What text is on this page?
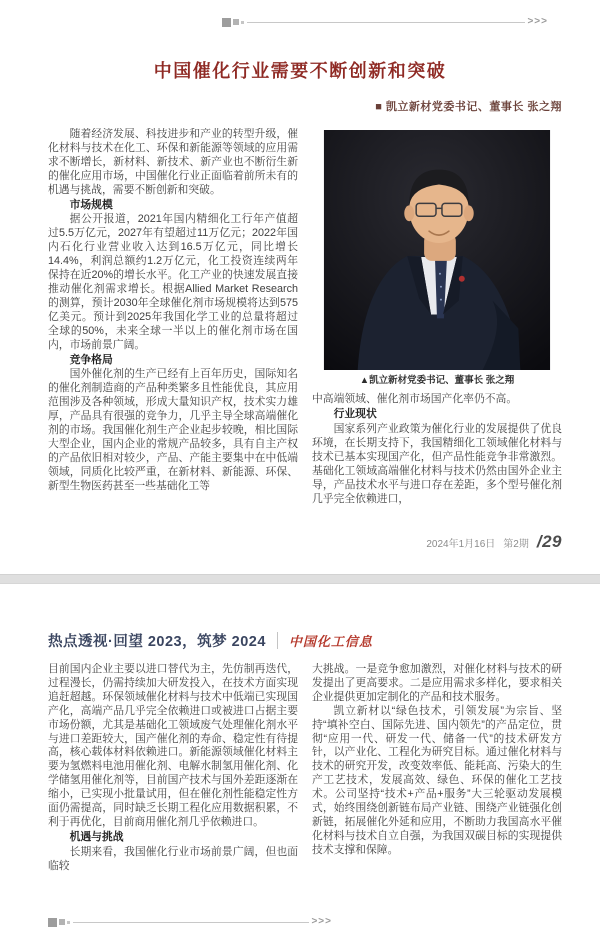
>>>
中国催化行业需要不断创新和突破
■ 凯立新材党委书记、董事长 张之翔

随着经济发展、科技进步和产业的转型升级，催化材料与技术在化工、环保和新能源等领域的应用需求不断增长，新材料、新技术、新产业也不断衍生新的催化应用市场，中国催化行业正面临着前所未有的机遇与挑战，需要不断创新和突破。

市场规模

据公开报道，2021年国内精细化工行年产值超过5.5万亿元，2027年有望超过11万亿元；2022年国内石化行业营业收入达到16.5万亿元，同比增长14.4%，利润总额约1.2万亿元，化工投资连续两年保持在近20%的增长水平。化工产业的快速发展直接推动催化剂需求增长。根据Allied Market Research的测算，预计2030年全球催化剂市场规模将达到575亿美元。预计到2025年我国化学工业的总量将超过全球的50%，未来全球一半以上的催化剂市场在国内，市场前景广阔。

竞争格局

国外催化剂的生产已经有上百年历史，国际知名的催化剂制造商的产品种类繁多且性能优良，其应用范围涉及各种领域，形成大量知识产权，技术实力雄厚，产品具有很强的竞争力，几乎主导全球高端催化剂的市场。我国催化剂生产企业起步较晚，相比国际大型企业，国内企业的常规产品较多，具有自主产权的产品依旧相对较少，产品、产能主要集中在中低端领域，同质化比较严重，在新材料、新能源、环保、新型生物医药甚至一些基础化工等

▲凯立新材党委书记、董事长 张之翔

中高端领域、催化剂市场国产化率仍不高。

行业现状

国家系列产业政策为催化行业的发展提供了优良环境，在长期支持下，我国精细化工领域催化材料与技术已基本实现国产化，但产品性能竞争非常激烈。基础化工领域高端催化材料与技术仍然由国外企业主导，产品技术水平与进口存在差距，多个型号催化剂几乎完全依赖进口，

2024年1月16日 第2期 /29
热点透视·回望 2023，筑梦 2024 中国化工信息

目前国内企业主要以进口替代为主，先仿制再迭代，过程漫长，仍需持续加大研发投入，在技术方面实现追赶超越。环保领域催化材料与技术中低端已实现国产化，高端产品几乎完全依赖进口或被进口占据主要市场份额，尤其是基础化工领域废气处理催化剂水平与进口差距较大，国产催化剂的寿命、稳定性有待提高，核心载体材料依赖进口。新能源领域催化材料主要为氢燃料电池用催化剂、电解水制氢用催化剂、化学储氢用催化剂等，目前国产技术与国外差距逐渐在缩小，已实现小批量试用，但在催化剂性能稳定性方面仍需提高，同时缺乏长期工程化应用数据积累，不利于再优化，目前商用催化剂几乎依赖进口。

机遇与挑战

长期来看，我国催化行业市场前景广阔，但也面临较

大挑战。一是竞争愈加激烈，对催化材料与技术的研发提出了更高要求。二是应用需求多样化，要求相关企业提供更加定制化的产品和技术服务。

凯立新材以“绿色技术，引领发展”为宗旨、坚持“填补空白、国际先进、国内领先”的产品定位，贯彻“应用一代、研发一代、储备一代”的技术研发方针，以产业化、工程化为研究目标。通过催化材料与技术的研究开发，改变效率低、能耗高、污染大的生产工艺技术，发展高效、绿色、环保的催化工艺技术。公司坚持“技术+产品+服务”大三轮驱动发展模式，始终围绕创新链布局产业链、围绕产业链强化创新链，拓展催化外延和应用，不断助力我国高水平催化材料与技术自立自强，为我国双碳目标的实现提供技术支撑和保障。

>>>
